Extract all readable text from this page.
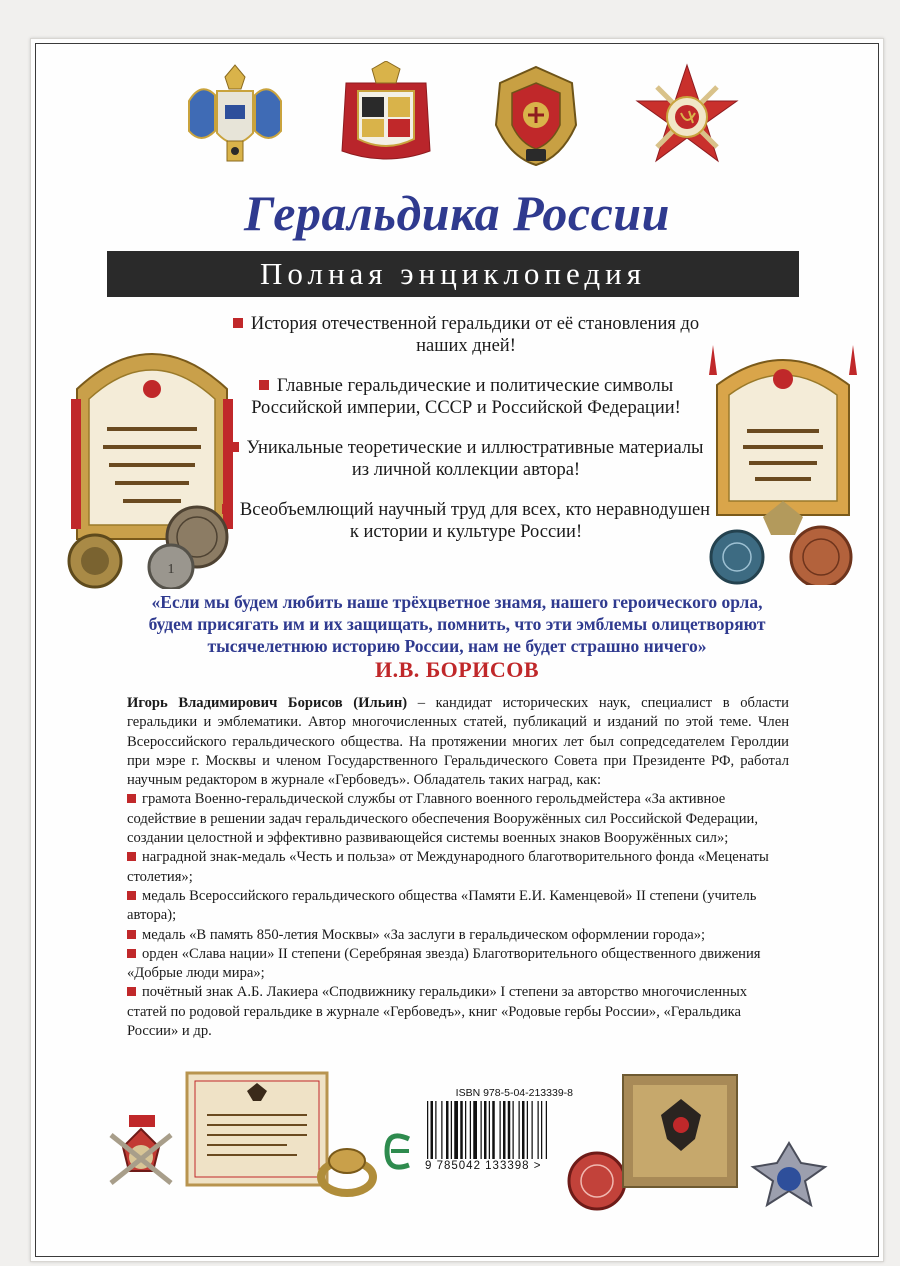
Геральдика России
Полная энциклопедия
1
История отечественной геральдики от её становления до наших дней!
Главные геральдические и политические символы Российской империи, СССР и Российской Федерации!
Уникальные теоретические и иллюстративные материалы из личной коллекции автора!
Всеобъемлющий научный труд для всех, кто неравнодушен к истории и культуре России!
«Если мы будем любить наше трёхцветное знамя, нашего героического орла,
будем присягать им и их защищать, помнить, что эти эмблемы олицетворяют
тысячелетнюю историю России, нам не будет страшно ничего»
И.В. БОРИСОВ

Игорь Владимирович Борисов (Ильин) – кандидат исторических наук, специалист в области геральдики и эмблематики. Автор многочисленных статей, публикаций и изданий по этой теме. Член Всероссийского геральдического общества. На протяжении многих лет был сопредседателем Геролдии при мэре г. Москвы и членом Государственного Геральдического Совета при Президенте РФ, работал научным редактором в журнале «Гербоведъ». Обладатель таких наград, как:

грамота Военно-геральдической службы от Главного военного герольдмейстера «За активное содействие в решении задач геральдического обеспечения Вооружённых сил Российской Федерации, создании целостной и эффективно развивающейся системы военных знаков Вооружённых сил»;
наградной знак-медаль «Честь и польза» от Международного благотворительного фонда «Меценаты столетия»;
медаль Всероссийского геральдического общества «Памяти Е.И. Каменцевой» II степени (учитель автора);
медаль «В память 850-летия Москвы» «За заслуги в геральдическом оформлении города»;
орден «Слава нации» II степени (Серебряная звезда) Благотворительного общественного движения «Добрые люди мира»;
почётный знак А.Б. Лакиера «Сподвижнику геральдики» I степени за авторство многочисленных статей по родовой геральдике в журнале «Гербоведъ», книг «Родовые гербы России», «Геральдика России» и др.
ISBN 978-5-04-213339-8
9 785042 133398 >
